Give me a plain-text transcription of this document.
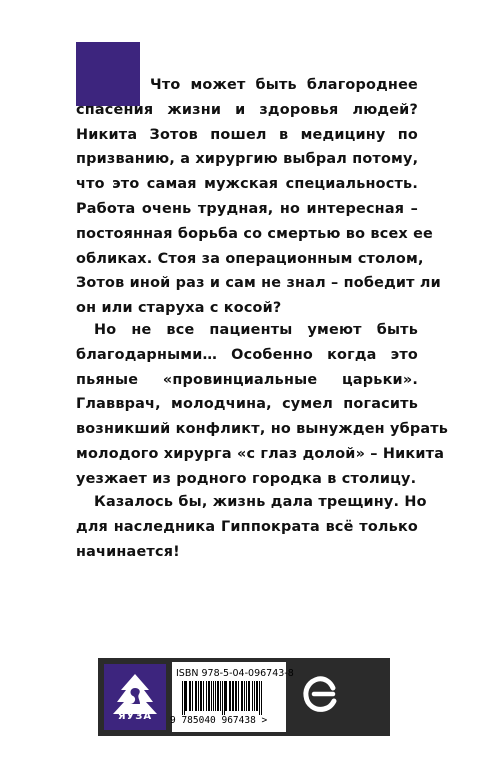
Что может быть благороднее
спасения жизни и здоровья людей?
Никита Зотов пошел в медицину по
призванию, а хирургию выбрал потому,
что это самая мужская специальность.
Работа очень трудная, но интересная –
постоянная борьба со смертью во всех ее
обликах. Стоя за операционным столом,
Зотов иной раз и сам не знал – победит ли
он или старуха с косой?
Но не все пациенты умеют быть
благодарными… Особенно когда это
пьяные «провинциальные царьки».
Главврач, молодчина, сумел погасить
возникший конфликт, но вынужден убрать
молодого хирурга «с глаз долой» – Никита
уезжает из родного городка в столицу.
Казалось бы, жизнь дала трещину. Но
для наследника Гиппократа всё только
начинается!
ЯУЗА
ISBN 978-5-04-096743-8
9 785040 967438 >
